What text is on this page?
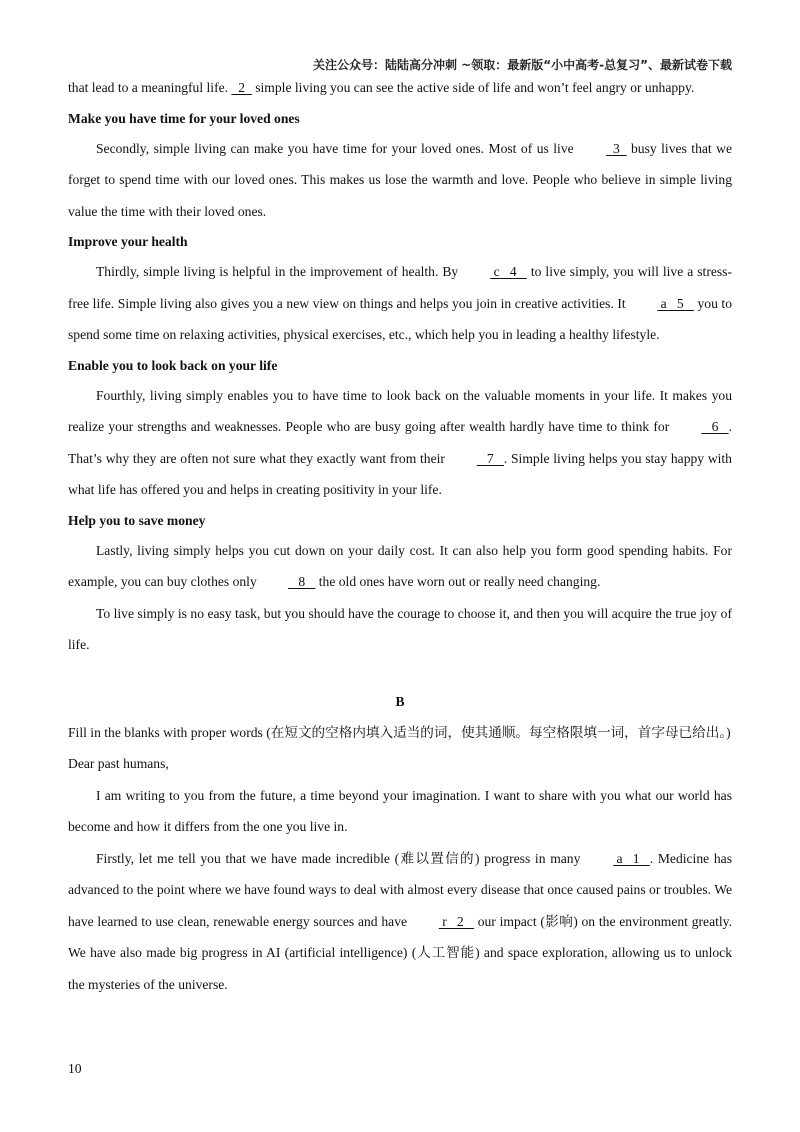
关注公众号：陆陆高分冲刺 ~领取：最新版“小中高考-总复习”、最新试卷下载

that lead to a meaningful life.   2   simple living you can see the active side of life and won’t feel angry or unhappy.

Make you have time for your loved ones

Secondly, simple living can make you have time for your loved ones. Most of us live   3   busy lives that we forget to spend time with our loved ones. This makes us lose the warmth and love. People who believe in simple living value the time with their loved ones.

Improve your health

Thirdly, simple living is helpful in the improvement of health. By  c   4    to live simply, you will live a stress-free life. Simple living also gives you a new view on things and helps you join in creative activities. It  a   5    you to spend some time on relaxing activities, physical exercises, etc., which help you in leading a healthy lifestyle.

Enable you to look back on your life

Fourthly, living simply enables you to have time to look back on the valuable moments in your life. It makes you realize your strengths and weaknesses. People who are busy going after wealth hardly have time to think for    6   . That’s why they are often not sure what they exactly want from their    7   . Simple living helps you stay happy with what life has offered you and helps in creating positivity in your life.

Help you to save money

Lastly, living simply helps you cut down on your daily cost. It can also help you form good spending habits. For example, you can buy clothes only    8    the old ones have worn out or really need changing.

To live simply is no easy task, but you should have the courage to choose it, and then you will acquire the true joy of life.

B

Fill in the blanks with proper words (在短文的空格内填入适当的词，使其通顺。每空格限填一词，首字母已给出。)

Dear past humans,

I am writing to you from the future, a time beyond your imagination. I want to share with you what our world has become and how it differs from the one you live in.

Firstly, let me tell you that we have made incredible (难以置信的) progress in many  a   1   . Medicine has advanced to the point where we have found ways to deal with almost every disease that once caused pains or troubles. We have learned to use clean, renewable energy sources and have  r   2    our impact (影响) on the environment greatly. We have also made big progress in AI (artificial intelligence) (人工智能) and space exploration, allowing us to unlock the mysteries of the universe.

10
